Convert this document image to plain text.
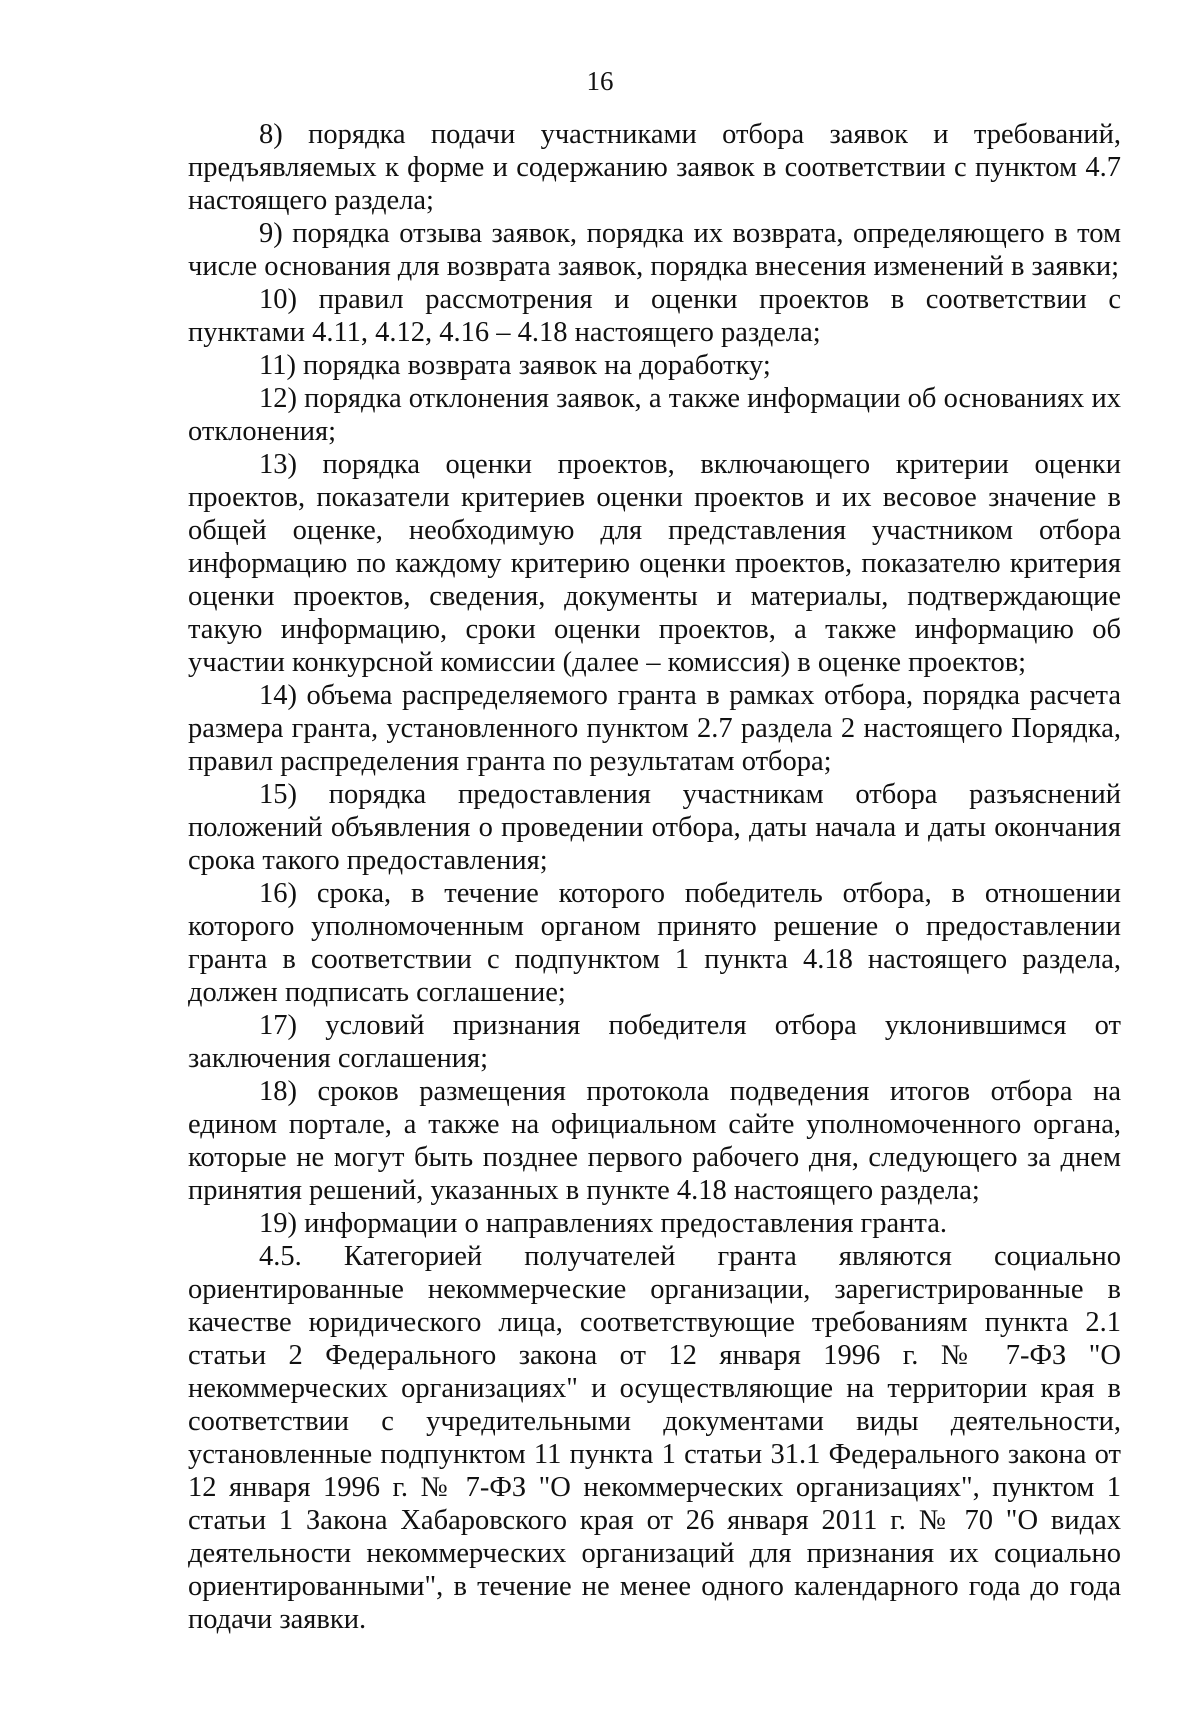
16

8) порядка подачи участниками отбора заявок и требований, предъявляемых к форме и содержанию заявок в соответствии с пунктом 4.7 настоящего раздела;

9) порядка отзыва заявок, порядка их возврата, определяющего в том числе основания для возврата заявок, порядка внесения изменений в заявки;

10) правил рассмотрения и оценки проектов в соответствии с пунктами 4.11, 4.12, 4.16 – 4.18 настоящего раздела;

11) порядка возврата заявок на доработку;

12) порядка отклонения заявок, а также информации об основаниях их отклонения;

13) порядка оценки проектов, включающего критерии оценки проектов, показатели критериев оценки проектов и их весовое значение в общей оценке, необходимую для представления участником отбора информацию по каждому критерию оценки проектов, показателю критерия оценки проектов, сведения, документы и материалы, подтверждающие такую информацию, сроки оценки проектов, а также информацию об участии конкурсной комиссии (далее – комиссия) в оценке проектов;

14) объема распределяемого гранта в рамках отбора, порядка расчета размера гранта, установленного пунктом 2.7 раздела 2 настоящего Порядка, правил распределения гранта по результатам отбора;

15) порядка предоставления участникам отбора разъяснений положений объявления о проведении отбора, даты начала и даты окончания срока такого предоставления;

16) срока, в течение которого победитель отбора, в отношении которого уполномоченным органом принято решение о предоставлении гранта в соответствии с подпунктом 1 пункта 4.18 настоящего раздела, должен подписать соглашение;

17) условий признания победителя отбора уклонившимся от заключения соглашения;

18) сроков размещения протокола подведения итогов отбора на едином портале, а также на официальном сайте уполномоченного органа, которые не могут быть позднее первого рабочего дня, следующего за днем принятия решений, указанных в пункте 4.18 настоящего раздела;

19) информации о направлениях предоставления гранта.

4.5. Категорией получателей гранта являются социально ориентированные некоммерческие организации, зарегистрированные в качестве юридического лица, соответствующие требованиям пункта 2.1 статьи 2 Федерального закона от 12 января 1996 г. № 7-ФЗ "О некоммерческих организациях" и осуществляющие на территории края в соответствии с учредительными документами виды деятельности, установленные подпунктом 11 пункта 1 статьи 31.1 Федерального закона от 12 января 1996 г. № 7-ФЗ "О некоммерческих организациях", пунктом 1 статьи 1 Закона Хабаровского края от 26 января 2011 г. № 70 "О видах деятельности некоммерческих организаций для признания их социально ориентированными", в течение не менее одного календарного года до года подачи заявки.
